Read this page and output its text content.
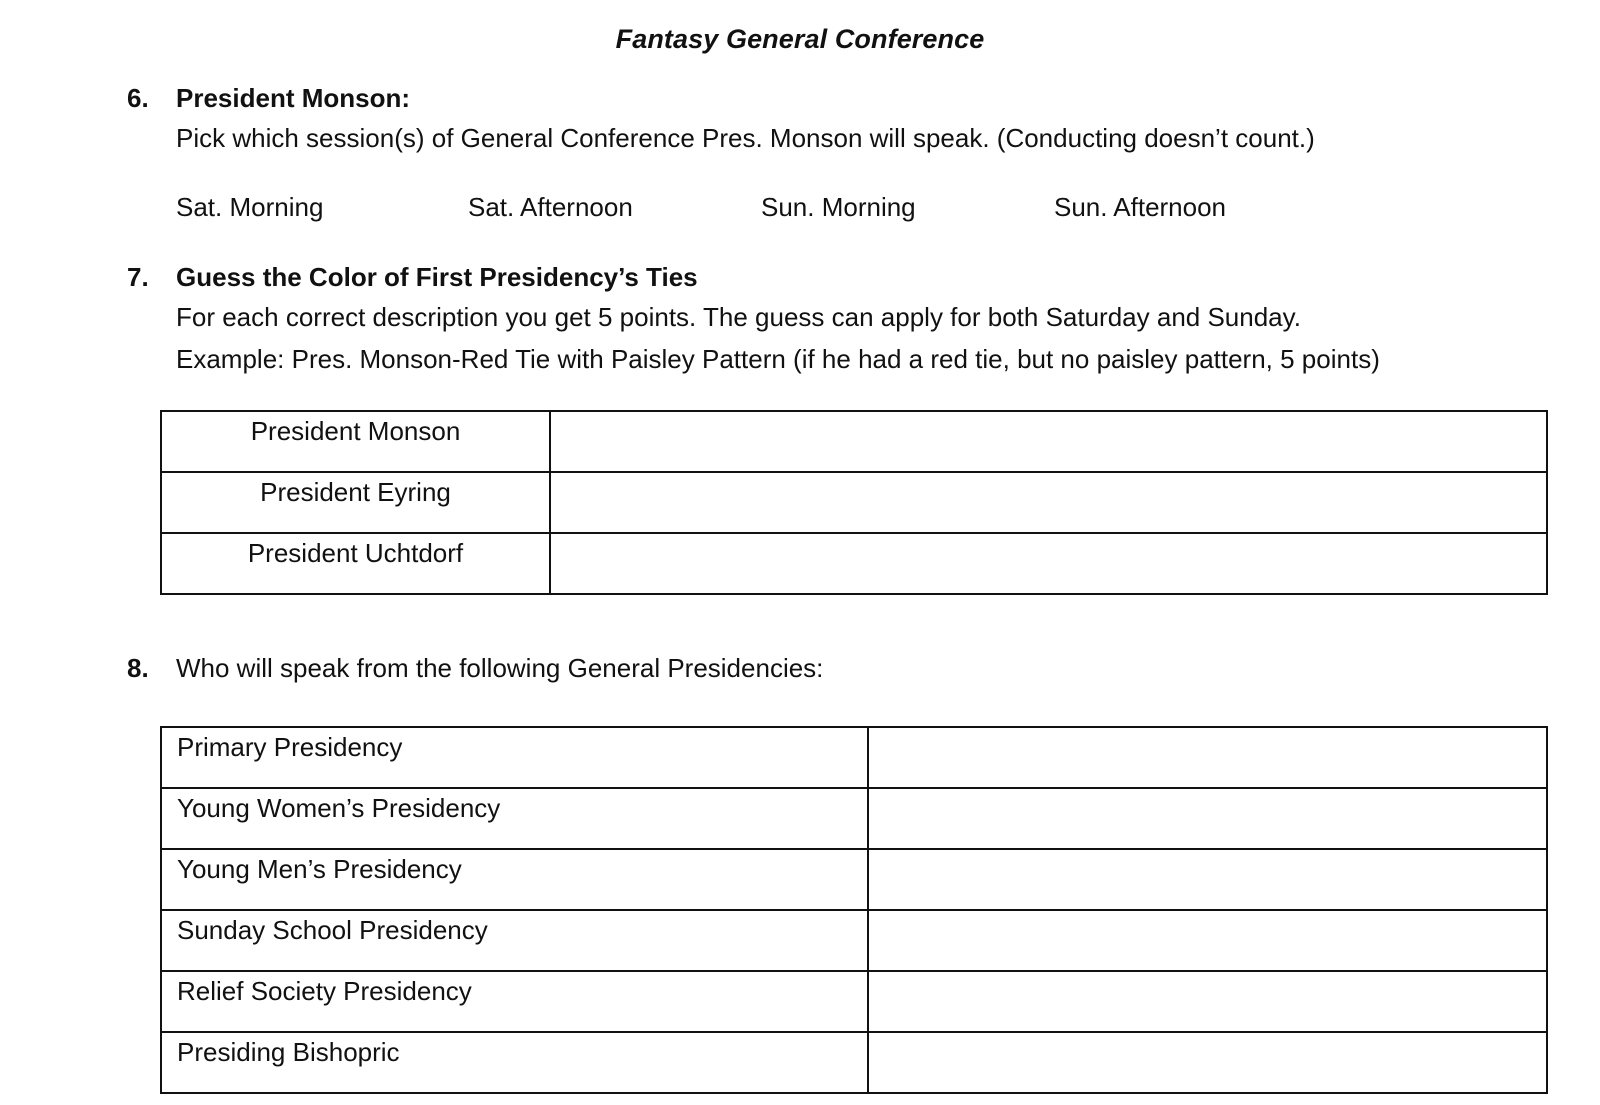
Fantasy General Conference
6. President Monson:
Pick which session(s) of General Conference Pres. Monson will speak. (Conducting doesn’t count.)
Sat. Morning	Sat. Afternoon	Sun. Morning	Sun. Afternoon
7. Guess the Color of First Presidency’s Ties
For each correct description you get 5 points. The guess can apply for both Saturday and Sunday.
Example: Pres. Monson-Red Tie with Paisley Pattern (if he had a red tie, but no paisley pattern, 5 points)
President Monson	
President Eyring	
President Uchtdorf	
8. Who will speak from the following General Presidencies:
Primary Presidency	
Young Women’s Presidency	
Young Men’s Presidency	
Sunday School Presidency	
Relief Society Presidency	
Presiding Bishopric	
